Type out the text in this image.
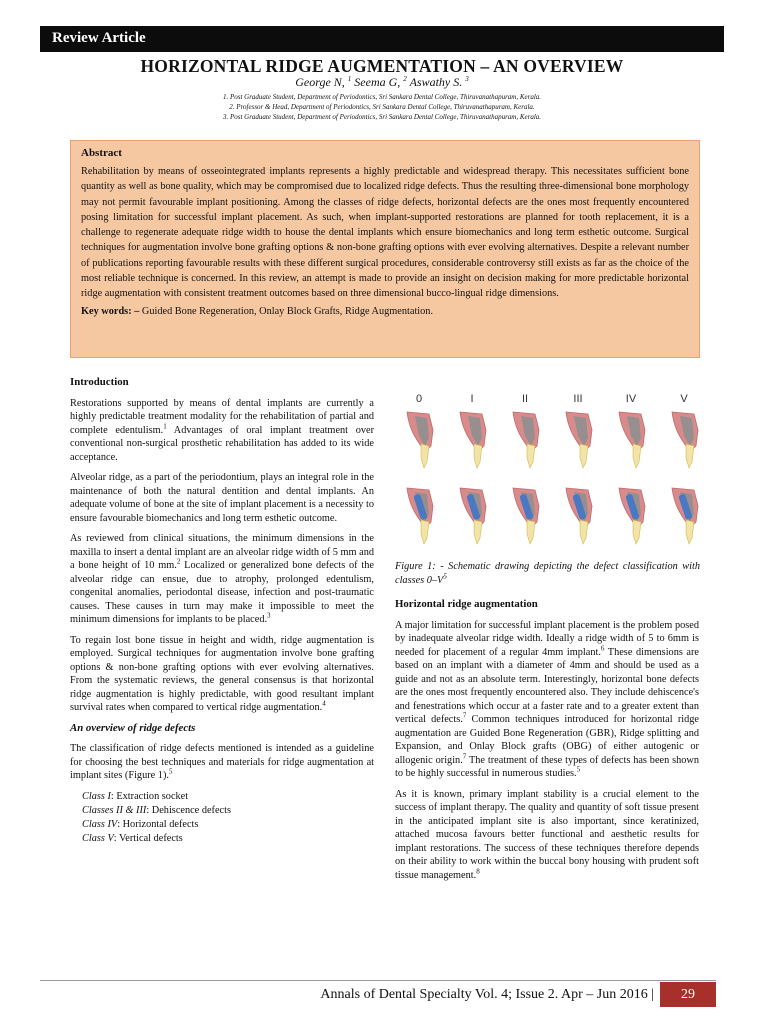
Review Article
HORIZONTAL RIDGE AUGMENTATION – AN OVERVIEW
George N, $^1$ Seema G, $^2$ Aswathy S. $^3$
1. Post Graduate Student, Department of Periodontics, Sri Sankara Dental College, Thiruvanathapuram, Kerala.
2. Professor & Head, Department of Periodontics, Sri Sankara Dental College, Thiruvanathapuram, Kerala.
3. Post Graduate Student, Department of Periodontics, Sri Sankara Dental College, Thiruvanathapuram, Kerala.
Abstract

Rehabilitation by means of osseointegrated implants represents a highly predictable and widespread therapy. This necessitates sufficient bone quantity as well as bone quality, which may be compromised due to localized ridge defects. Thus the resulting three-dimensional bone morphology may not permit favourable implant positioning. Among the classes of ridge defects, horizontal defects are the ones most frequently encountered posing limitation for successful implant placement. As such, when implant-supported restorations are planned for tooth replacement, it is a challenge to regenerate adequate ridge width to house the dental implants which ensure biomechanics and long term esthetic outcome. Surgical techniques for augmentation involve bone grafting options & non-bone grafting options with ever evolving alternatives. Despite a relevant number of publications reporting favourable results with these different surgical procedures, considerable controversy still exists as far as the choice of the most reliable technique is concerned. In this review, an attempt is made to provide an insight on decision making for more predictable horizontal ridge augmentation with consistent treatment outcomes based on three dimensional bucco-lingual ridge dimensions.

Key words: – Guided Bone Regeneration, Onlay Block Grafts, Ridge Augmentation.
Introduction

Restorations supported by means of dental implants are currently a highly predictable treatment modality for the rehabilitation of partial and complete edentulism.$^1$ Advantages of oral implant treatment over conventional non-surgical prosthetic rehabilitation has added to its wide acceptance.

Alveolar ridge, as a part of the periodontium, plays an integral role in the maintenance of both the natural dentition and dental implants. An adequate volume of bone at the site of implant placement is a necessity to ensure favourable biomechanics and long term esthetic outcome.

As reviewed from clinical situations, the minimum dimensions in the maxilla to insert a dental implant are an alveolar ridge width of 5 mm and a bone height of 10 mm.$^2$ Localized or generalized bone defects of the alveolar ridge can ensue, due to atrophy, prolonged edentulism, congenital anomalies, periodontal disease, infection and post-traumatic causes. These causes in turn may make it impossible to meet the minimum dimensions for implants to be placed.$^3$

To regain lost bone tissue in height and width, ridge augmentation is employed. Surgical techniques for augmentation involve bone grafting options & non-bone grafting options with ever evolving alternatives. From the systematic reviews, the general consensus is that horizontal ridge augmentation is highly predictable, with good resultant implant survival rates when compared to vertical ridge augmentation.$^4$

An overview of ridge defects

The classification of ridge defects mentioned is intended as a guideline for choosing the best techniques and materials for ridge augmentation at implant sites (Figure 1).$^5$

Class I: Extraction socket
Classes II & III: Dehiscence defects
Class IV: Horizontal defects
Class V: Vertical defects
0	I	II	III	IV	V
Figure 1: - Schematic drawing depicting the defect classification with classes $0-V^5$
Horizontal ridge augmentation

A major limitation for successful implant placement is the problem posed by inadequate alveolar ridge width. Ideally a ridge width of 5 to 6mm is needed for placement of a regular 4mm implant.$^6$ These dimensions are based on an implant with a diameter of 4mm and should be used as a guide and not as an absolute term. Interestingly, horizontal bone defects are the ones most frequently encountered also. They include dehiscence's and fenestrations which occur at a faster rate and to a greater extent than vertical defects.$^7$ Common techniques introduced for horizontal ridge augmentation are Guided Bone Regeneration (GBR), Ridge splitting and Expansion, and Onlay Block grafts (OBG) of either autogenic or allogenic origin.$^7$ The treatment of these types of defects has been shown to be highly successful in numerous studies.$^5$

As it is known, primary implant stability is a crucial element to the success of implant therapy. The quality and quantity of soft tissue present in the anticipated implant site is also important, since keratinized, attached mucosa favours better functional and aesthetic results for implant restorations. The success of these techniques therefore depends on their ability to work within the buccal bony housing with prudent soft tissue management.$^8$

Annals of Dental Specialty Vol. 4; Issue 2. Apr – Jun 2016 |	29
